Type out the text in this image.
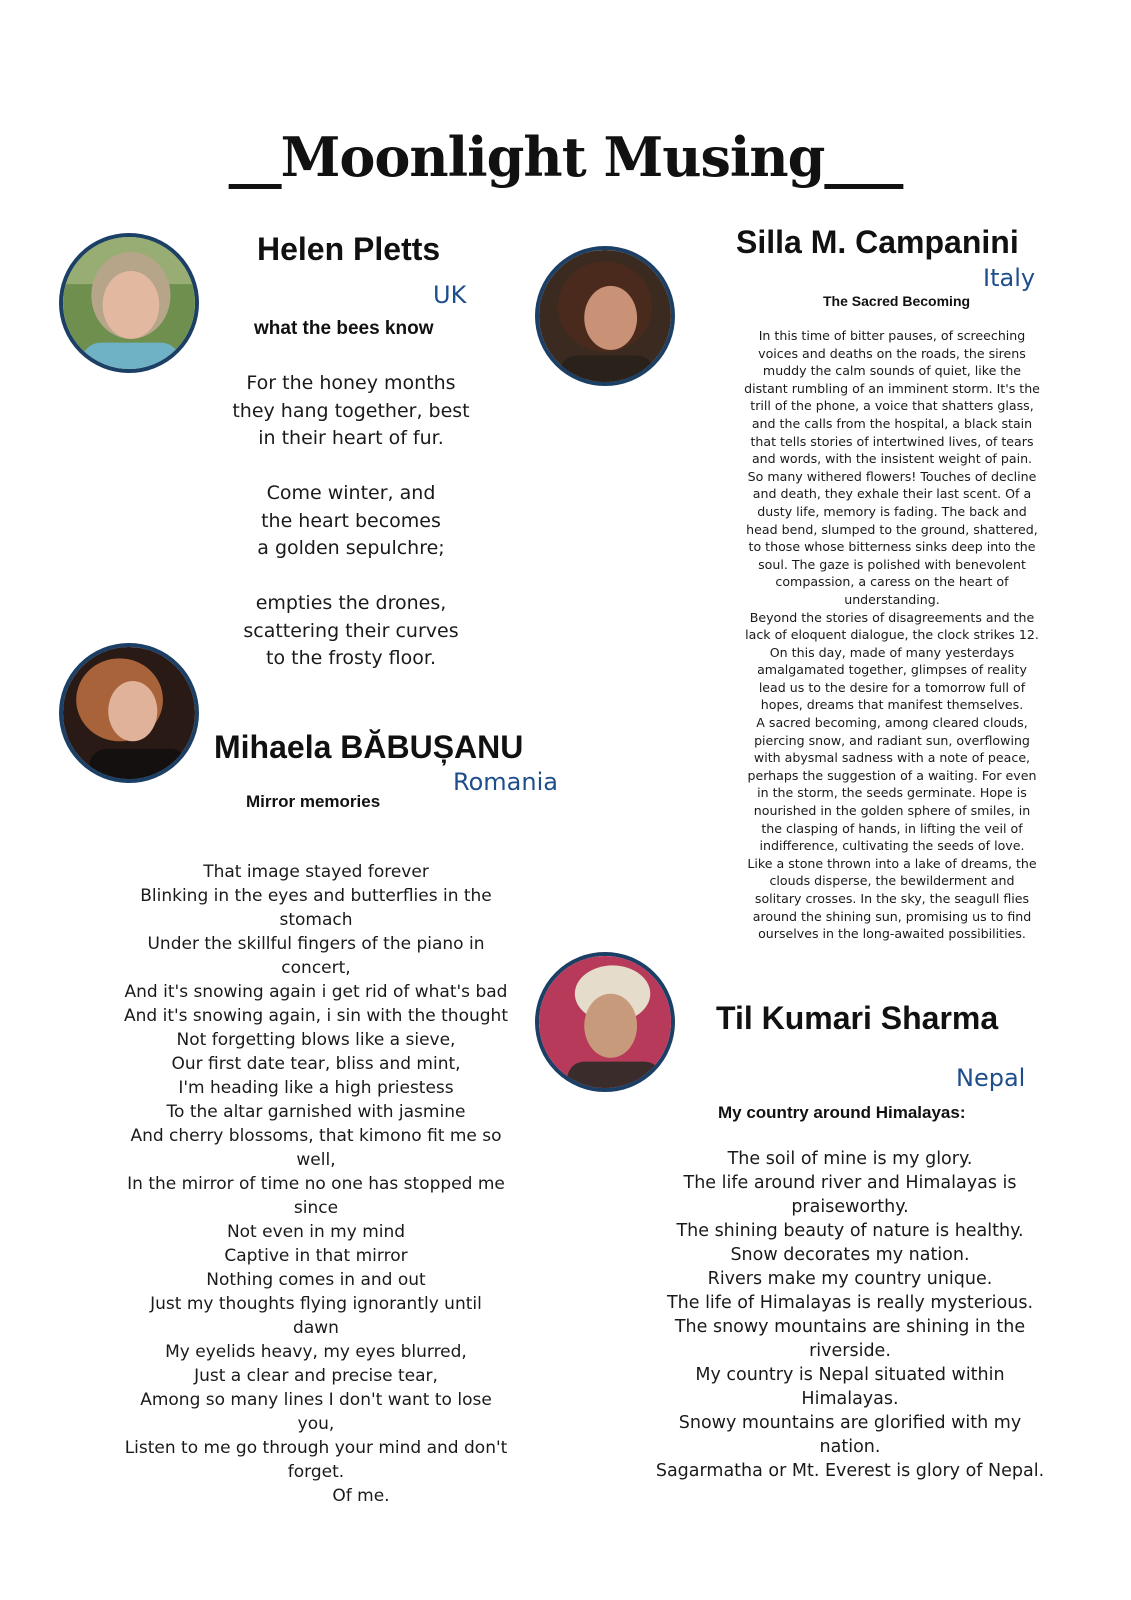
__Moonlight Musing___
Helen Pletts
UK
what the bees know
For the honey months
they hang together, best
in their heart of fur.
Come winter, and
the heart becomes
a golden sepulchre;
empties the drones,
scattering their curves
to the frosty floor.
Silla M. Campanini
Italy
The Sacred Becoming
In this time of bitter pauses, of screeching
voices and deaths on the roads, the sirens
muddy the calm sounds of quiet, like the
distant rumbling of an imminent storm. It's the
trill of the phone, a voice that shatters glass,
and the calls from the hospital, a black stain
that tells stories of intertwined lives, of tears
and words, with the insistent weight of pain.
So many withered flowers! Touches of decline
and death, they exhale their last scent. Of a
dusty life, memory is fading. The back and
head bend, slumped to the ground, shattered,
to those whose bitterness sinks deep into the
soul. The gaze is polished with benevolent
compassion, a caress on the heart of
understanding.
Beyond the stories of disagreements and the
lack of eloquent dialogue, the clock strikes 12.
On this day, made of many yesterdays
amalgamated together, glimpses of reality
lead us to the desire for a tomorrow full of
hopes, dreams that manifest themselves.
A sacred becoming, among cleared clouds,
piercing snow, and radiant sun, overflowing
with abysmal sadness with a note of peace,
perhaps the suggestion of a waiting. For even
in the storm, the seeds germinate. Hope is
nourished in the golden sphere of smiles, in
the clasping of hands, in lifting the veil of
indifference, cultivating the seeds of love.
Like a stone thrown into a lake of dreams, the
clouds disperse, the bewilderment and
solitary crosses. In the sky, the seagull flies
around the shining sun, promising us to find
ourselves in the long-awaited possibilities.
Mihaela BĂBUȘANU
Romania
Mirror memories
That image stayed forever
Blinking in the eyes and butterflies in the
stomach
Under the skillful fingers of the piano in
concert,
And it's snowing again i get rid of what's bad
And it's snowing again, i sin with the thought
Not forgetting blows like a sieve,
Our first date tear, bliss and mint,
I'm heading like a high priestess
To the altar garnished with jasmine
And cherry blossoms, that kimono fit me so
well,
In the mirror of time no one has stopped me
since
Not even in my mind
Captive in that mirror
Nothing comes in and out
Just my thoughts flying ignorantly until
dawn
My eyelids heavy, my eyes blurred,
Just a clear and precise tear,
Among so many lines I don't want to lose
you,
Listen to me go through your mind and don't
forget.
Of me.
Til Kumari Sharma
Nepal
My country around Himalayas:
The soil of mine is my glory.
The life around river and Himalayas is
praiseworthy.
The shining beauty of nature is healthy.
Snow decorates my nation.
Rivers make my country unique.
The life of Himalayas is really mysterious.
The snowy mountains are shining in the
riverside.
My country is Nepal situated within
Himalayas.
Snowy mountains are glorified with my
nation.
Sagarmatha or Mt. Everest is glory of Nepal.
